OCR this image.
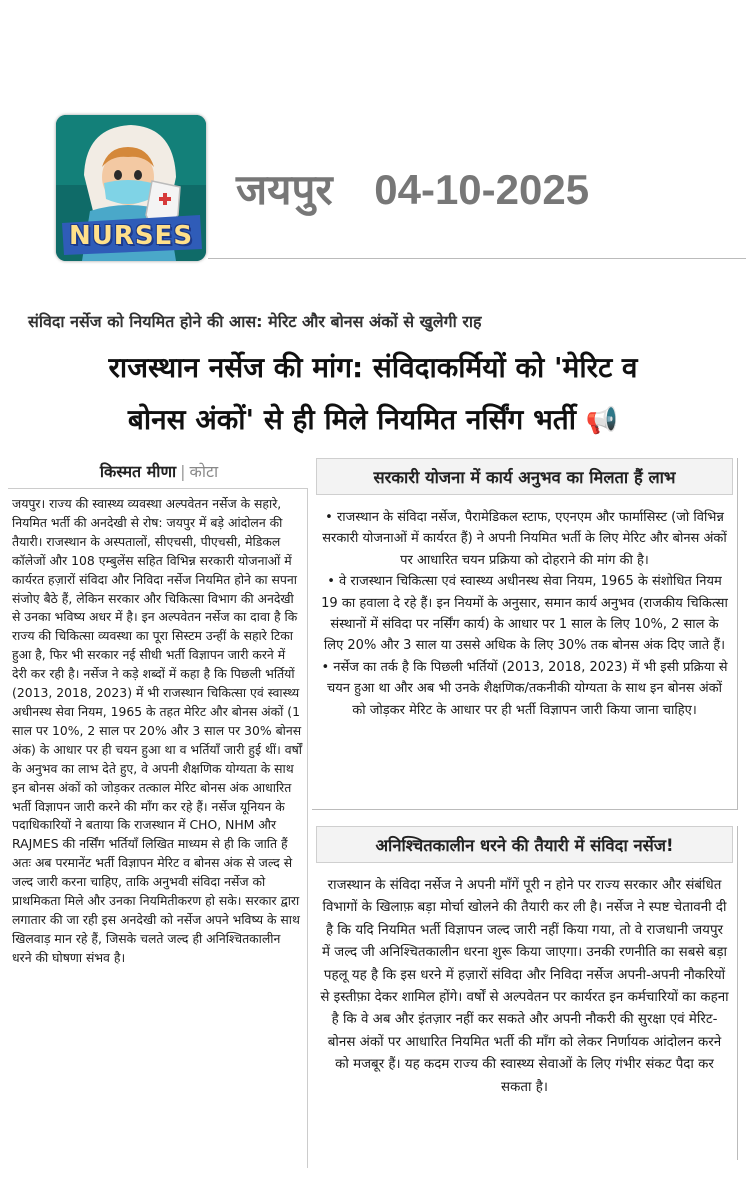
NURSES
जयपुर 04-10-2025
संविदा नर्सेज को नियमित होने की आस: मेरिट और बोनस अंकों से खुलेगी राह
राजस्थान नर्सेज की मांग: संविदाकर्मियों को 'मेरिट व
बोनस अंकों' से ही मिले नियमित नर्सिंग भर्ती 📢
किस्मत मीणा | कोटा

जयपुर। राज्य की स्वास्थ्य व्यवस्था अल्पवेतन नर्सेज के सहारे, नियमित भर्ती की अनदेखी से रोष: जयपुर में बड़े आंदोलन की तैयारी। राजस्थान के अस्पतालों, सीएचसी, पीएचसी, मेडिकल कॉलेजों और 108 एम्बुलेंस सहित विभिन्न सरकारी योजनाओं में कार्यरत हज़ारों संविदा और निविदा नर्सेज नियमित होने का सपना संजोए बैठे हैं, लेकिन सरकार और चिकित्सा विभाग की अनदेखी से उनका भविष्य अधर में है। इन अल्पवेतन नर्सेज का दावा है कि राज्य की चिकित्सा व्यवस्था का पूरा सिस्टम उन्हीं के सहारे टिका हुआ है, फिर भी सरकार नई सीधी भर्ती विज्ञापन जारी करने में देरी कर रही है। नर्सेज ने कड़े शब्दों में कहा है कि पिछली भर्तियों (2013, 2018, 2023) में भी राजस्थान चिकित्सा एवं स्वास्थ्य अधीनस्थ सेवा नियम, 1965 के तहत मेरिट और बोनस अंकों (1 साल पर 10%, 2 साल पर 20% और 3 साल पर 30% बोनस अंक) के आधार पर ही चयन हुआ था व भर्तियाँ जारी हुई थीं। वर्षों के अनुभव का लाभ देते हुए, वे अपनी शैक्षणिक योग्यता के साथ इन बोनस अंकों को जोड़कर तत्काल मेरिट बोनस अंक आधारित भर्ती विज्ञापन जारी करने की माँग कर रहे हैं। नर्सेज यूनियन के पदाधिकारियों ने बताया कि राजस्थान में CHO, NHM और RAJMES की नर्सिंग भर्तियाँ लिखित माध्यम से ही कि जाति हैं अतः अब परमानेंट भर्ती विज्ञापन मेरिट व बोनस अंक से जल्द से जल्द जारी करना चाहिए, ताकि अनुभवी संविदा नर्सेज को प्राथमिकता मिले और उनका नियमितीकरण हो सके। सरकार द्वारा लगातार की जा रही इस अनदेखी को नर्सेज अपने भविष्य के साथ खिलवाड़ मान रहे हैं, जिसके चलते जल्द ही अनिश्चितकालीन धरने की घोषणा संभव है।

सरकारी योजना में कार्य अनुभव का मिलता हैं लाभ

• राजस्थान के संविदा नर्सेज, पैरामेडिकल स्टाफ, एएनएम और फार्मासिस्ट (जो विभिन्न सरकारी योजनाओं में कार्यरत हैं) ने अपनी नियमित भर्ती के लिए मेरिट और बोनस अंकों पर आधारित चयन प्रक्रिया को दोहराने की मांग की है।

• वे राजस्थान चिकित्सा एवं स्वास्थ्य अधीनस्थ सेवा नियम, 1965 के संशोधित नियम 19 का हवाला दे रहे हैं। इन नियमों के अनुसार, समान कार्य अनुभव (राजकीय चिकित्सा संस्थानों में संविदा पर नर्सिंग कार्य) के आधार पर 1 साल के लिए 10%, 2 साल के लिए 20% और 3 साल या उससे अधिक के लिए 30% तक बोनस अंक दिए जाते हैं।

• नर्सेज का तर्क है कि पिछली भर्तियों (2013, 2018, 2023) में भी इसी प्रक्रिया से चयन हुआ था और अब भी उनके शैक्षणिक/तकनीकी योग्यता के साथ इन बोनस अंकों को जोड़कर मेरिट के आधार पर ही भर्ती विज्ञापन जारी किया जाना चाहिए।

अनिश्चितकालीन धरने की तैयारी में संविदा नर्सेज!

राजस्थान के संविदा नर्सेज ने अपनी माँगें पूरी न होने पर राज्य सरकार और संबंधित विभागों के खिलाफ़ बड़ा मोर्चा खोलने की तैयारी कर ली है। नर्सेज ने स्पष्ट चेतावनी दी है कि यदि नियमित भर्ती विज्ञापन जल्द जारी नहीं किया गया, तो वे राजधानी जयपुर में जल्द जी अनिश्चितकालीन धरना शुरू किया जाएगा। उनकी रणनीति का सबसे बड़ा पहलू यह है कि इस धरने में हज़ारों संविदा और निविदा नर्सेज अपनी-अपनी नौकरियों से इस्तीफ़ा देकर शामिल होंगे। वर्षों से अल्पवेतन पर कार्यरत इन कर्मचारियों का कहना है कि वे अब और इंतज़ार नहीं कर सकते और अपनी नौकरी की सुरक्षा एवं मेरिट-बोनस अंकों पर आधारित नियमित भर्ती की माँग को लेकर निर्णायक आंदोलन करने को मजबूर हैं। यह कदम राज्य की स्वास्थ्य सेवाओं के लिए गंभीर संकट पैदा कर सकता है।
